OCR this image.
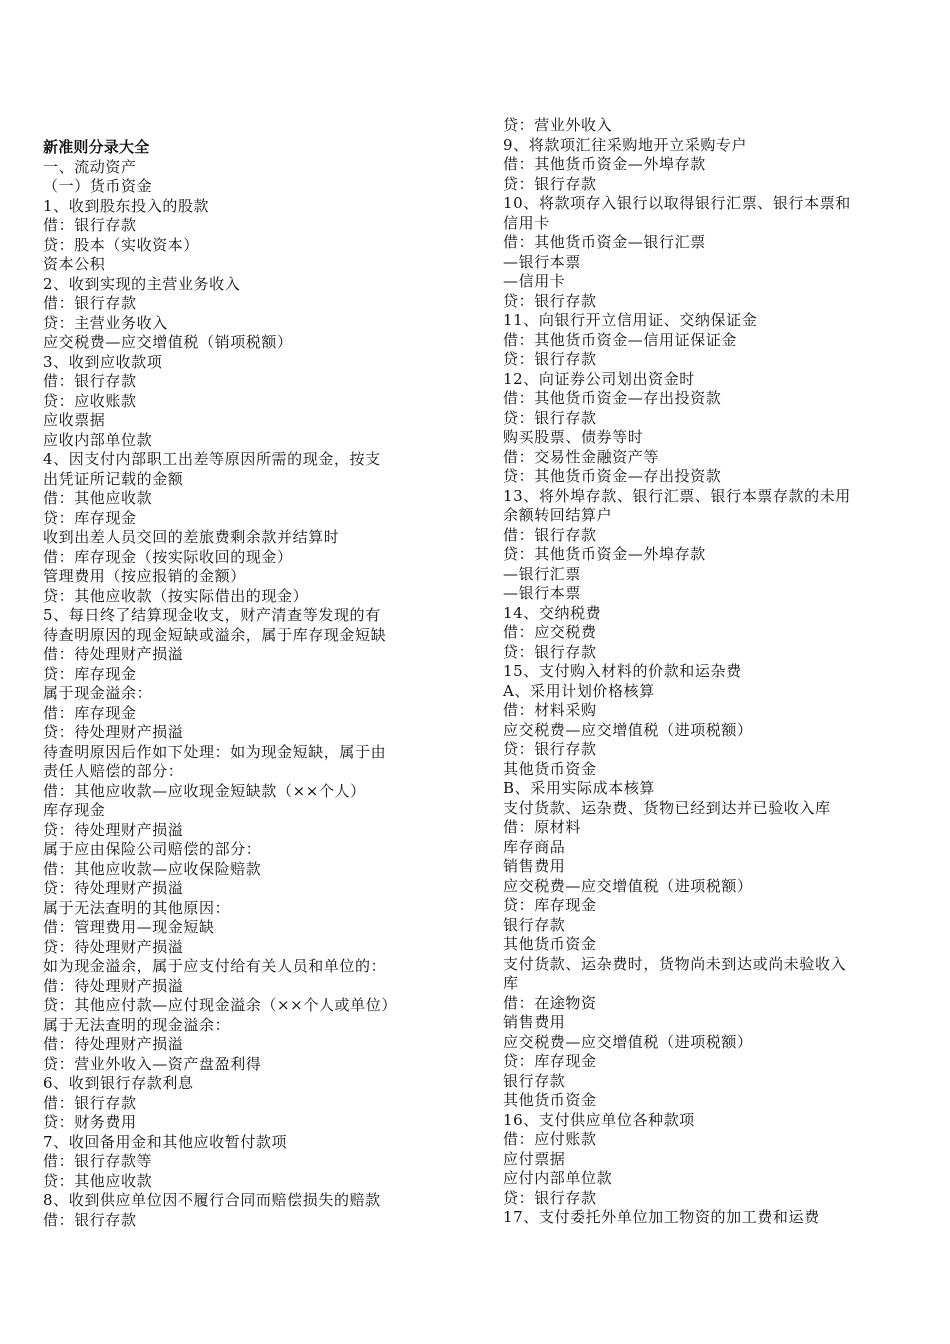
新准则分录大全
一、流动资产
（一）货币资金
1、收到股东投入的股款
借：银行存款
贷：股本（实收资本）
资本公积
2、收到实现的主营业务收入
借：银行存款
贷：主营业务收入
应交税费—应交增值税（销项税额）
3、收到应收款项
借：银行存款
贷：应收账款
应收票据
应收内部单位款
4、因支付内部职工出差等原因所需的现金，按支
出凭证所记载的金额
借：其他应收款
贷：库存现金
收到出差人员交回的差旅费剩余款并结算时
借：库存现金（按实际收回的现金）
管理费用（按应报销的金额）
贷：其他应收款（按实际借出的现金）
5、每日终了结算现金收支，财产清查等发现的有
待查明原因的现金短缺或溢余，属于库存现金短缺
借：待处理财产损溢
贷：库存现金
属于现金溢余：
借：库存现金
贷：待处理财产损溢
待查明原因后作如下处理：如为现金短缺，属于由
责任人赔偿的部分：
借：其他应收款—应收现金短缺款（××个人）
库存现金
贷：待处理财产损溢
属于应由保险公司赔偿的部分：
借：其他应收款—应收保险赔款
贷：待处理财产损溢
属于无法查明的其他原因：
借：管理费用—现金短缺
贷：待处理财产损溢
如为现金溢余，属于应支付给有关人员和单位的：
借：待处理财产损溢
贷：其他应付款—应付现金溢余（××个人或单位）
属于无法查明的现金溢余：
借：待处理财产损溢
贷：营业外收入—资产盘盈利得
6、收到银行存款利息
借：银行存款
贷：财务费用
7、收回备用金和其他应收暂付款项
借：银行存款等
贷：其他应收款
8、收到供应单位因不履行合同而赔偿损失的赔款
借：银行存款
贷：营业外收入
9、将款项汇往采购地开立采购专户
借：其他货币资金—外埠存款
贷：银行存款
10、将款项存入银行以取得银行汇票、银行本票和
信用卡
借：其他货币资金—银行汇票
—银行本票
—信用卡
贷：银行存款
11、向银行开立信用证、交纳保证金
借：其他货币资金—信用证保证金
贷：银行存款
12、向证券公司划出资金时
借：其他货币资金—存出投资款
贷：银行存款
购买股票、债券等时
借：交易性金融资产等
贷：其他货币资金—存出投资款
13、将外埠存款、银行汇票、银行本票存款的未用
余额转回结算户
借：银行存款
贷：其他货币资金—外埠存款
—银行汇票
—银行本票
14、交纳税费
借：应交税费
贷：银行存款
15、支付购入材料的价款和运杂费
A、采用计划价格核算
借：材料采购
应交税费—应交增值税（进项税额）
贷：银行存款
其他货币资金
B、采用实际成本核算
支付货款、运杂费、货物已经到达并已验收入库
借：原材料
库存商品
销售费用
应交税费—应交增值税（进项税额）
贷：库存现金
银行存款
其他货币资金
支付货款、运杂费时，货物尚未到达或尚未验收入
库
借：在途物资
销售费用
应交税费—应交增值税（进项税额）
贷：库存现金
银行存款
其他货币资金
16、支付供应单位各种款项
借：应付账款
应付票据
应付内部单位款
贷：银行存款
17、支付委托外单位加工物资的加工费和运费
